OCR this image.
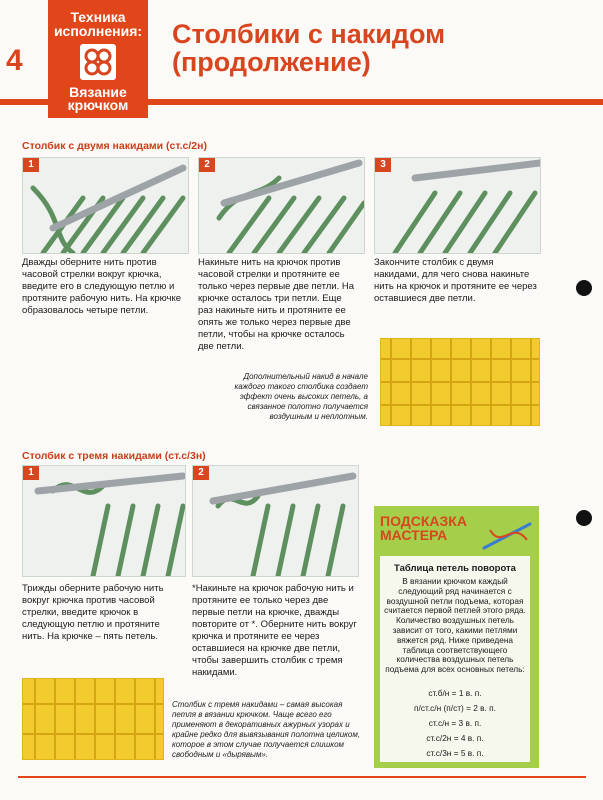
4
Техника исполнения:
Вязание крючком
Столбики с накидом
(продолжение)
Столбик с двумя накидами (ст.с/2н)
1	2	3
Дважды оберните нить против часовой стрелки вокруг крючка, введите его в следующую петлю и протяните рабочую нить. На крючке образовалось четыре петли.
Накиньте нить на крючок против часовой стрелки и протяните ее только через первые две петли. На крючке осталось три петли. Еще раз накиньте нить и протяните ее опять же только через первые две петли, чтобы на крючке осталось две петли.
Закончите столбик с двумя накидами, для чего снова накиньте нить на крючок и протяните ее через оставшиеся две петли.
Дополнительный накид в начале каждого такого столбика создает эффект очень высоких петель, а связанное полотно получается воздушным и неплотным.
Столбик с тремя накидами (ст.с/3н)
1	2
Трижды оберните рабочую нить вокруг крючка против часовой стрелки, введите крючок в следующую петлю и протяните нить. На крючке – пять петель.
*Накиньте на крючок рабочую нить и протяните ее только через две первые петли на крючке, дважды повторите от *. Оберните нить вокруг крючка и протяните ее через оставшиеся на крючке две петли, чтобы завершить столбик с тремя накидами.
Столбик с тремя накидами – самая высокая петля в вязании крючком. Чаще всего его применяют в декоративных ажурных узорах и крайне редко для вывязывания полотна целиком, которое в этом случае получается слишком свободным и «дырявым».
ПОДСКАЗКА
МАСТЕРА
Таблица петель поворота
В вязании крючком каждый следующий ряд начинается с воздушной петли подъема, которая считается первой петлей этого ряда. Количество воздушных петель зависит от того, какими петлями вяжется ряд. Ниже приведена таблица соответствующего количества воздушных петель подъема для всех основных петель:
ст.б/н = 1 в. п.
п/ст.с/н (п/ст) = 2 в. п.
ст.с/н = 3 в. п.
ст.с/2н = 4 в. п.
ст.с/3н = 5 в. п.
